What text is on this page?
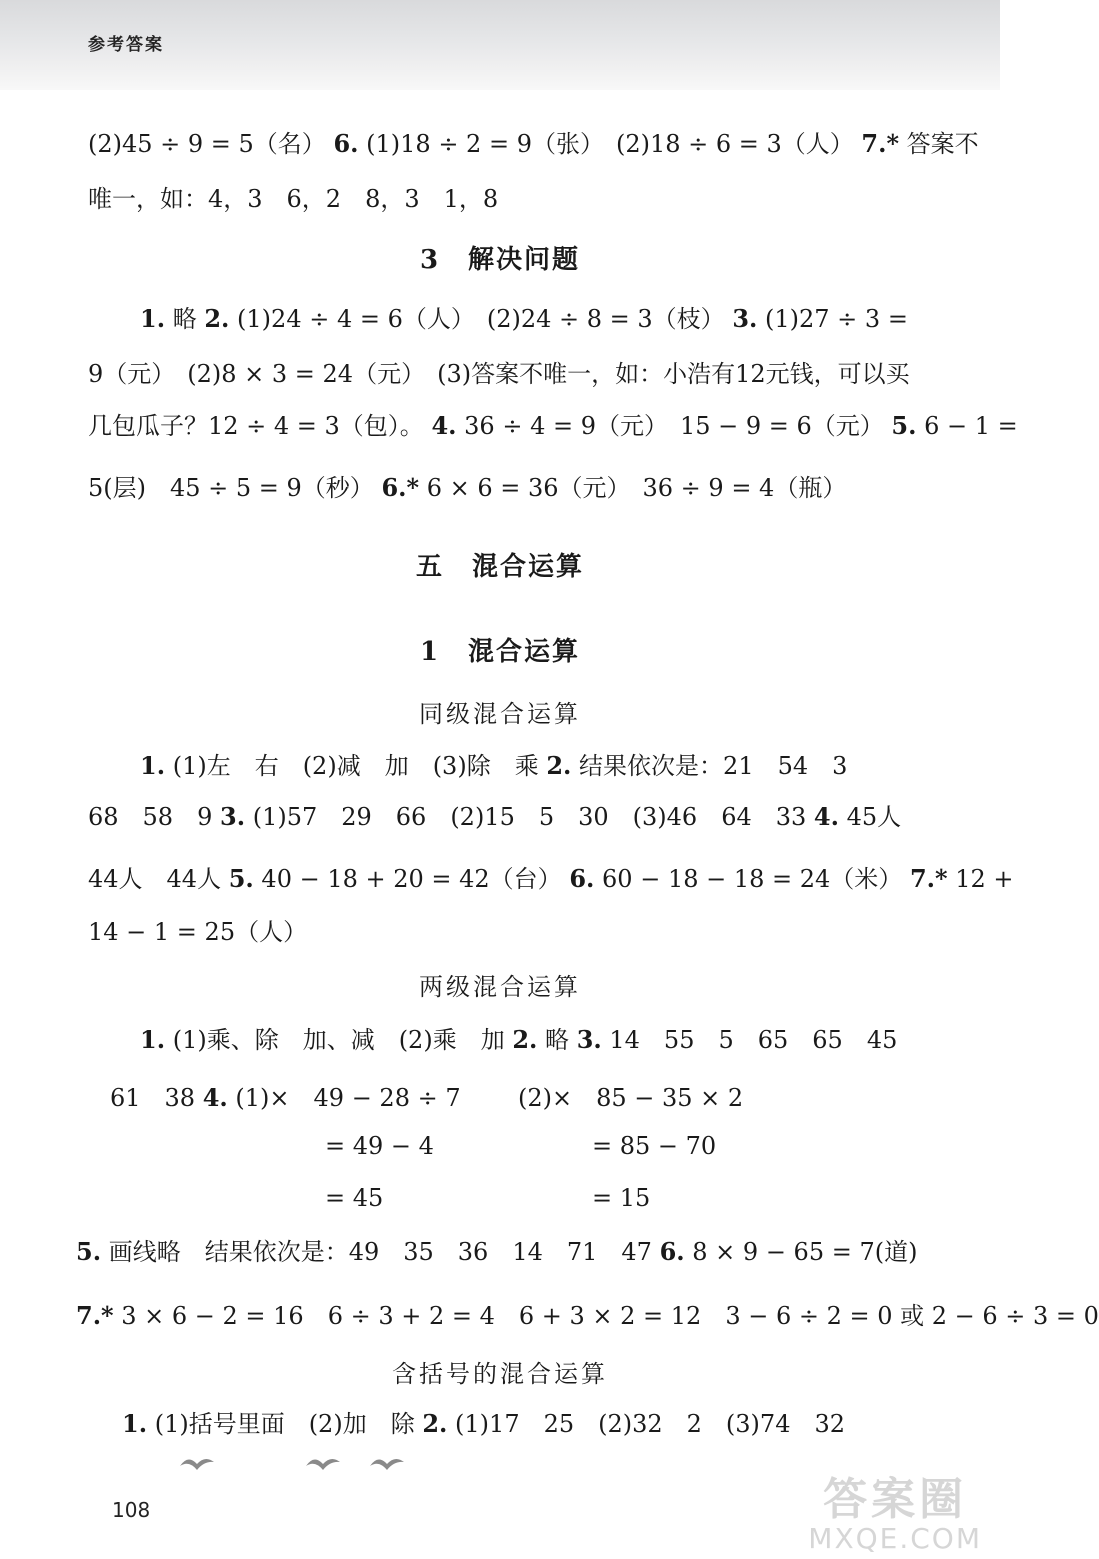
参考答案
(2)45 ÷ 9 = 5（名） 6. (1)18 ÷ 2 = 9（张）　(2)18 ÷ 6 = 3（人） 7.* 答案不
唯一，如：4，3　6，2　8，3　1，8
3　解决问题
1. 略 2. (1)24 ÷ 4 = 6（人）　(2)24 ÷ 8 = 3（枝） 3. (1)27 ÷ 3 =
9（元）　(2)8 × 3 = 24（元）　(3)答案不唯一，如：小浩有12元钱，可以买
几包瓜子？12 ÷ 4 = 3（包）。 4. 36 ÷ 4 = 9（元）　15 − 9 = 6（元） 5. 6 − 1 =
5(层)　45 ÷ 5 = 9（秒） 6.* 6 × 6 = 36（元）　36 ÷ 9 = 4（瓶）
五　混合运算
1　混合运算
同级混合运算
1. (1)左　右　(2)减　加　(3)除　乘 2. 结果依次是：21　54　3
68　58　9 3. (1)57　29　66　(2)15　5　30　(3)46　64　33 4. 45人
44人　44人 5. 40 − 18 + 20 = 42（台） 6. 60 − 18 − 18 = 24（米） 7.* 12 +
14 − 1 = 25（人）
两级混合运算
1. (1)乘、除　加、减　(2)乘　加 2. 略 3. 14　55　5　65　65　45
61　38 4. (1)×　49 − 28 ÷ 7 (2)×　85 − 35 × 2
= 49 − 4	= 85 − 70
= 45	= 15
5. 画线略　结果依次是：49　35　36　14　71　47 6. 8 × 9 − 65 = 7(道)
7.* 3 × 6 − 2 = 16　6 ÷ 3 + 2 = 4　6 + 3 × 2 = 12　3 − 6 ÷ 2 = 0 或 2 − 6 ÷ 3 = 0
含括号的混合运算
1. (1)括号里面　(2)加　除 2. (1)17　25　(2)32　2　(3)74　32
108	答案圈
MXQE.COM
